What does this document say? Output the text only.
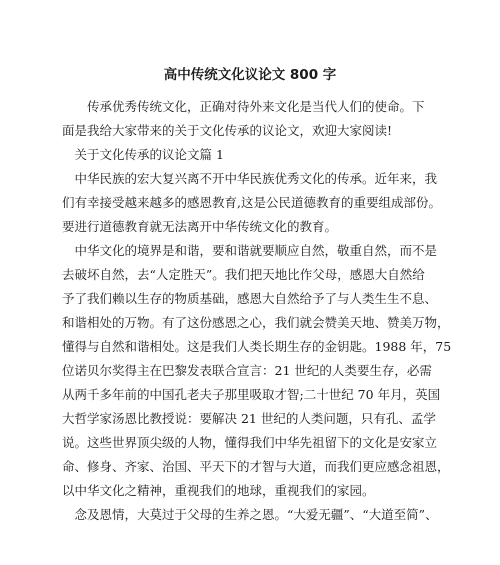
高中传统文化议论文 800 字
　　传承优秀传统文化，正确对待外来文化是当代人们的使命。下
面是我给大家带来的关于文化传承的议论文，欢迎大家阅读!
　关于文化传承的议论文篇 1
　中华民族的宏大复兴离不开中华民族优秀文化的传承。近年来，我
们有幸接受越来越多的感恩教育,这是公民道德教育的重要组成部份。
要进行道德教育就无法离开中华传统文化的教育。
　中华文化的境界是和谐，要和谐就要顺应自然，敬重自然，而不是
去破坏自然，去“人定胜天”。我们把天地比作父母，感恩大自然给
予了我们赖以生存的物质基础，感恩大自然给予了与人类生生不息、
和谐相处的万物。有了这份感恩之心，我们就会赞美天地、赞美万物，
懂得与自然和谐相处。这是我们人类长期生存的金钥匙。1988 年，75
位诺贝尔奖得主在巴黎发表联合宣言：21 世纪的人类要生存，必需
从两千多年前的中国孔老夫子那里吸取才智;二十世纪 70 年月，英国
大哲学家汤恩比教授说：要解决 21 世纪的人类问题，只有孔、孟学
说。这些世界顶尖级的人物，懂得我们中华先祖留下的文化是安家立
命、修身、齐家、治国、平天下的才智与大道，而我们更应感念祖恩，
以中华文化之精神，重视我们的地球，重视我们的家园。
　念及恩情，大莫过于父母的生养之恩。“大爱无疆”、“大道至简”、
